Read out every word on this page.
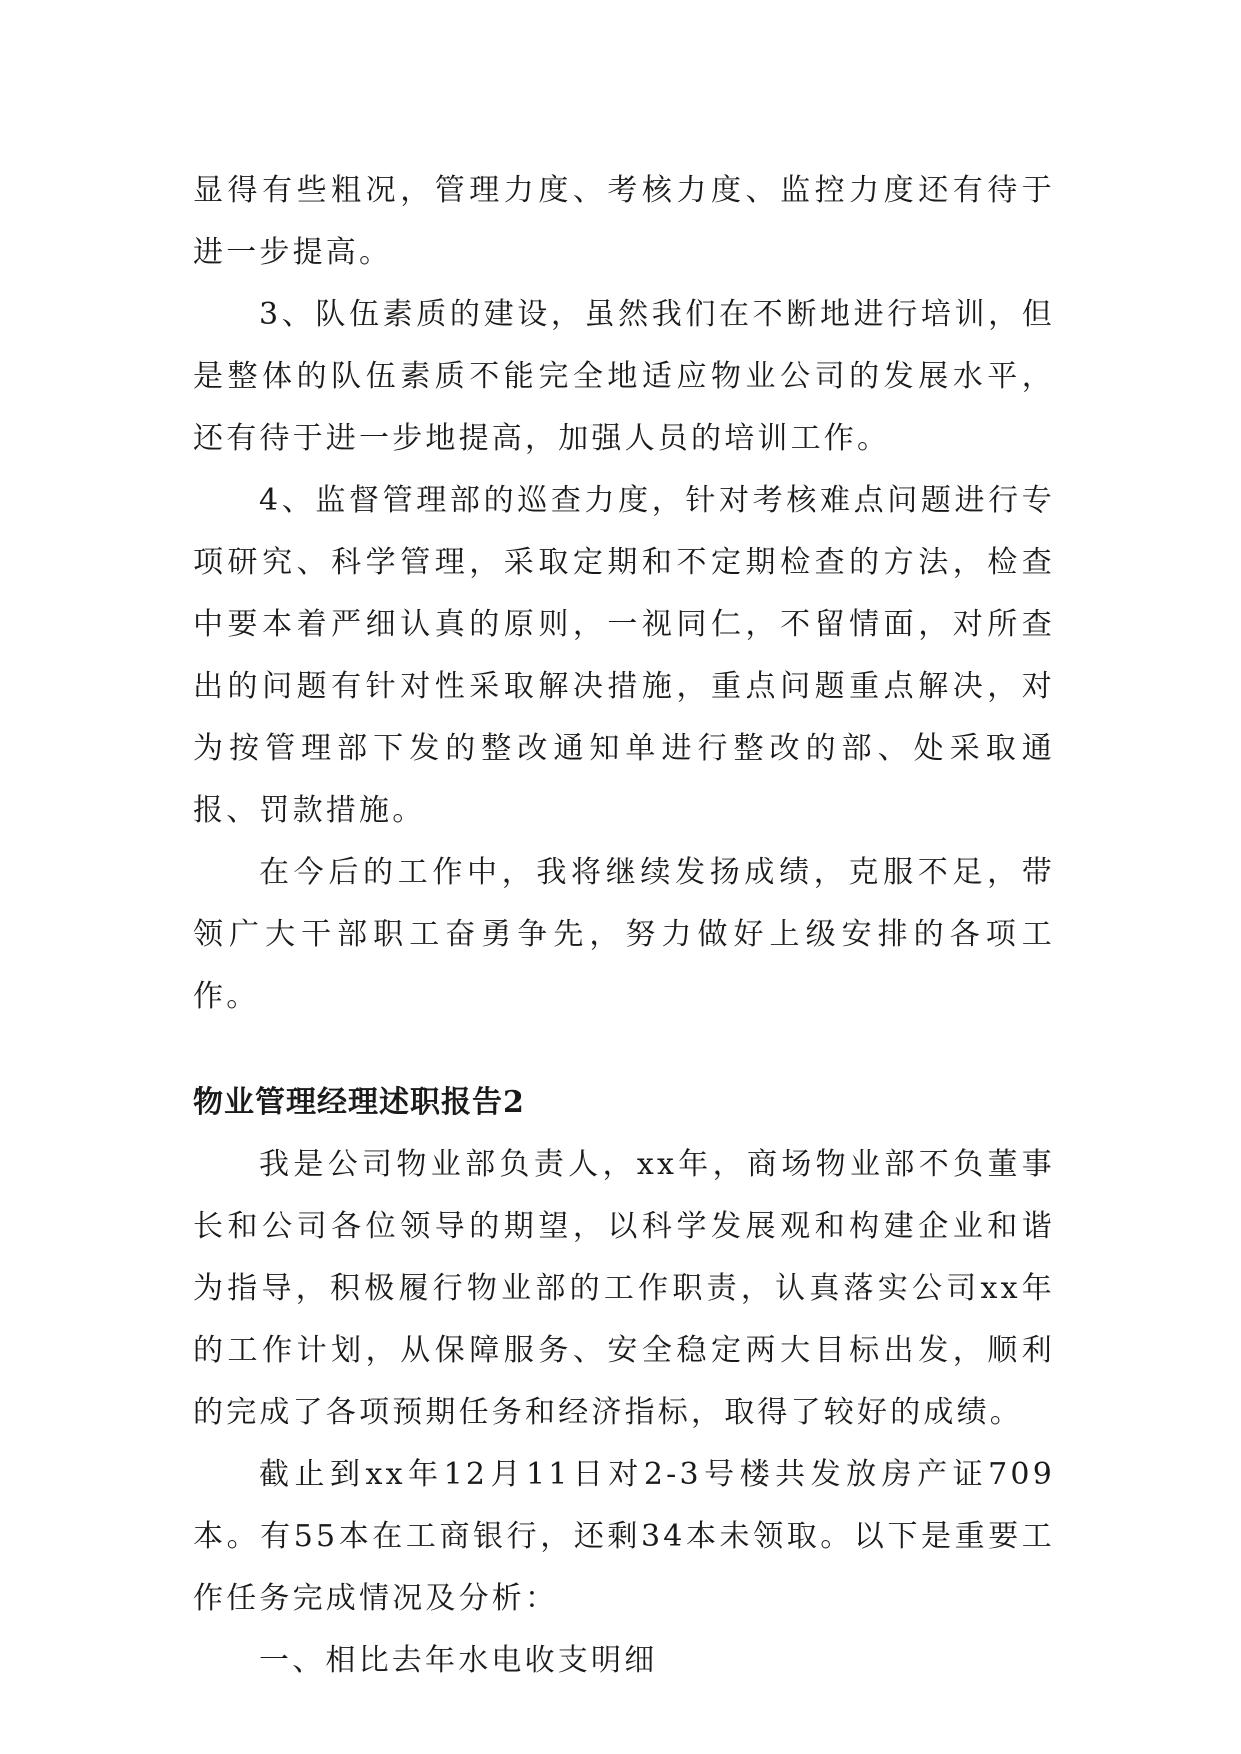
显得有些粗况，管理力度、考核力度、监控力度还有待于进一步提高。

3、队伍素质的建设，虽然我们在不断地进行培训，但是整体的队伍素质不能完全地适应物业公司的发展水平，还有待于进一步地提高，加强人员的培训工作。

4、监督管理部的巡查力度，针对考核难点问题进行专项研究、科学管理，采取定期和不定期检查的方法，检查中要本着严细认真的原则，一视同仁，不留情面，对所查出的问题有针对性采取解决措施，重点问题重点解决，对为按管理部下发的整改通知单进行整改的部、处采取通报、罚款措施。

在今后的工作中，我将继续发扬成绩，克服不足，带领广大干部职工奋勇争先，努力做好上级安排的各项工作。

物业管理经理述职报告2

我是公司物业部负责人，xx年，商场物业部不负董事长和公司各位领导的期望，以科学发展观和构建企业和谐为指导，积极履行物业部的工作职责，认真落实公司xx年的工作计划，从保障服务、安全稳定两大目标出发，顺利的完成了各项预期任务和经济指标，取得了较好的成绩。

截止到xx年12月11日对2-3号楼共发放房产证709本。有55本在工商银行，还剩34本未领取。以下是重要工作任务完成情况及分析：

一、相比去年水电收支明细
